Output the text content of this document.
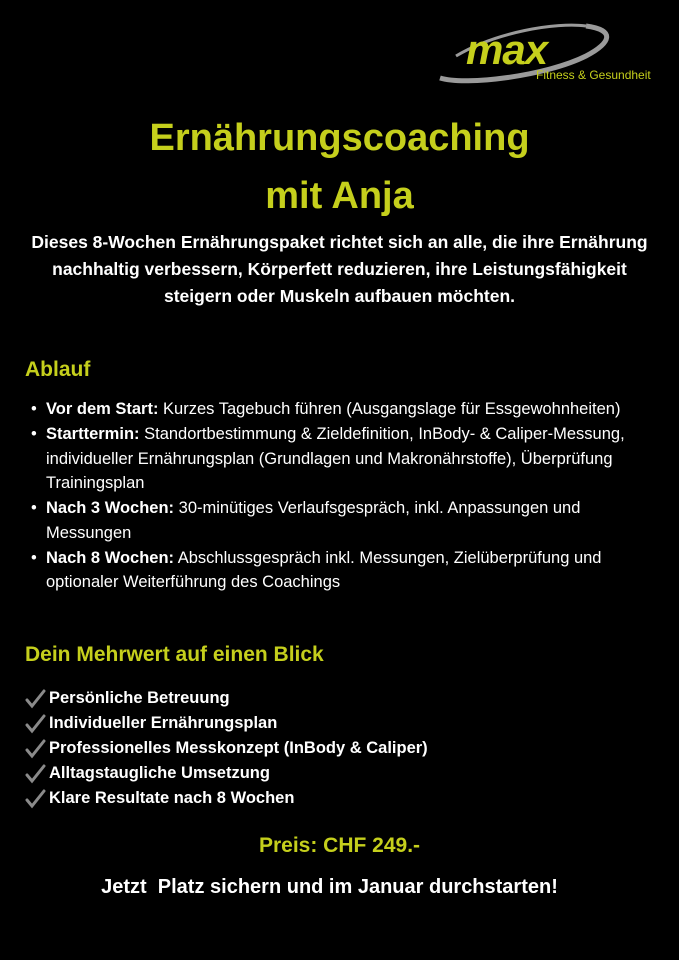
max
Fitness & Gesundheit
Ernährungscoaching
mit Anja
Dieses 8-Wochen Ernährungspaket richtet sich an alle, die ihre Ernährung nachhaltig verbessern, Körperfett reduzieren, ihre Leistungsfähigkeit steigern oder Muskeln aufbauen möchten.
Ablauf
• Vor dem Start: Kurzes Tagebuch führen (Ausgangslage für Essgewohnheiten)
• Starttermin: Standortbestimmung & Zieldefinition, InBody- & Caliper-Messung, individueller Ernährungsplan (Grundlagen und Makronährstoffe), Überprüfung Trainingsplan
• Nach 3 Wochen: 30-minütiges Verlaufsgespräch, inkl. Anpassungen und Messungen
• Nach 8 Wochen: Abschlussgespräch inkl. Messungen, Zielüberprüfung und optionaler Weiterführung des Coachings
Dein Mehrwert auf einen Blick
Persönliche Betreuung
Individueller Ernährungsplan
Professionelles Messkonzept (InBody & Caliper)
Alltagstaugliche Umsetzung
Klare Resultate nach 8 Wochen
Preis: CHF 249.-
Jetzt  Platz sichern und im Januar durchstarten!
